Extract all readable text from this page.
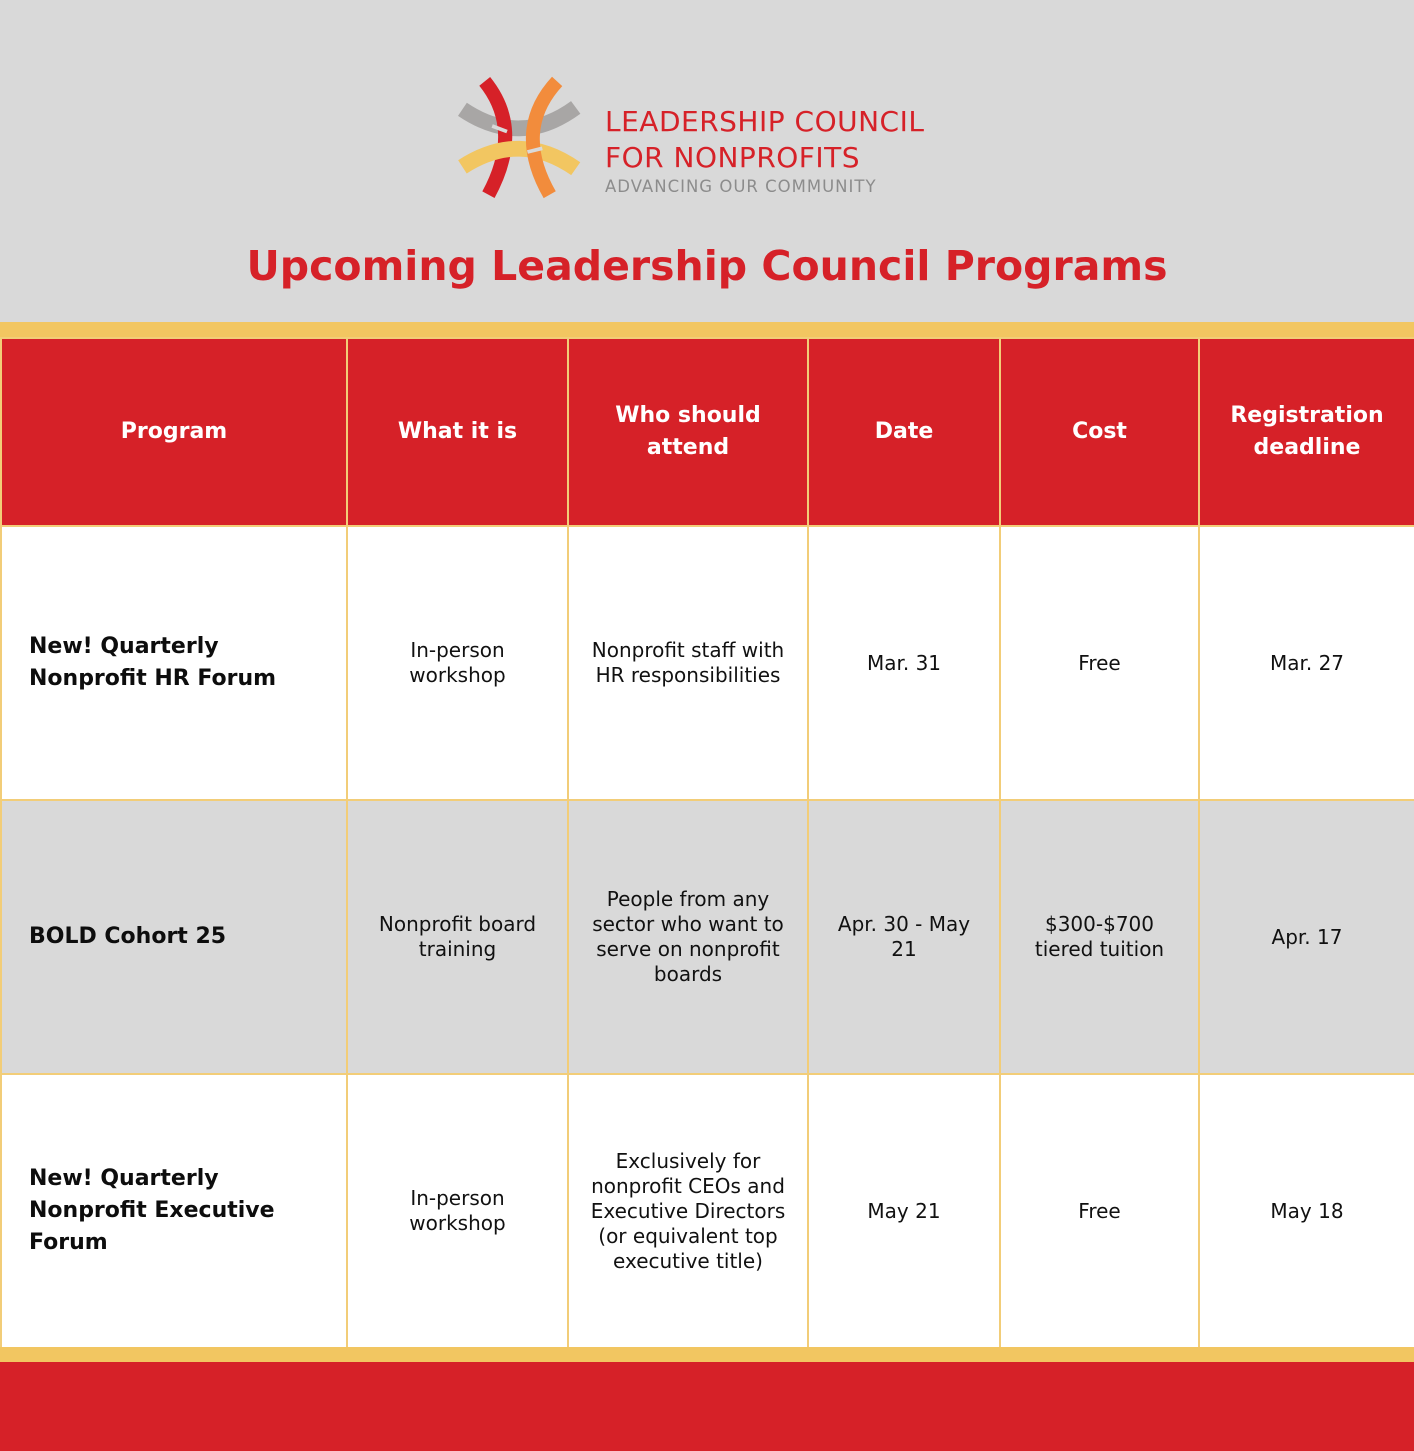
LEADERSHIP COUNCIL
FOR NONPROFITS
ADVANCING OUR COMMUNITY
Upcoming Leadership Council Programs
Program	What it is	Who should attend	Date	Cost	Registration deadline
New! Quarterly Nonprofit HR Forum	In-person workshop	Nonprofit staff with HR responsibilities	Mar. 31	Free	Mar. 27
BOLD Cohort 25	Nonprofit board training	People from any sector who want to serve on nonprofit boards	Apr. 30 - May 21	$300-$700 tiered tuition	Apr. 17
New! Quarterly Nonprofit Executive Forum	In-person workshop	Exclusively for nonprofit CEOs and Executive Directors (or equivalent top executive title)	May 21	Free	May 18
